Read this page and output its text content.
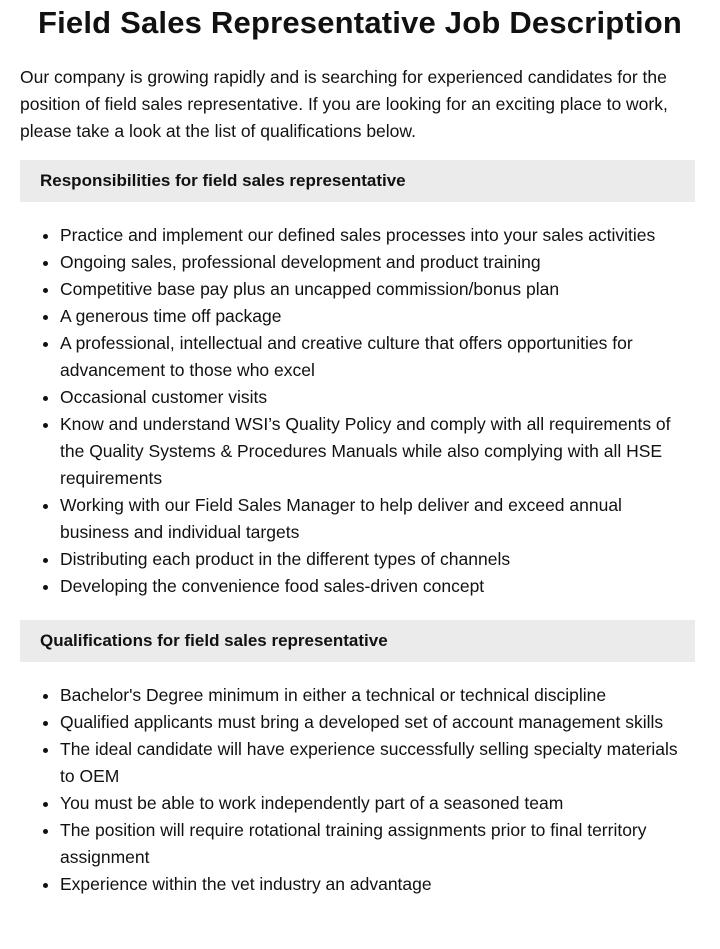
Field Sales Representative Job Description

Our company is growing rapidly and is searching for experienced candidates for the position of field sales representative. If you are looking for an exciting place to work, please take a look at the list of qualifications below.

Responsibilities for field sales representative
• Practice and implement our defined sales processes into your sales activities
• Ongoing sales, professional development and product training
• Competitive base pay plus an uncapped commission/bonus plan
• A generous time off package
• A professional, intellectual and creative culture that offers opportunities for advancement to those who excel
• Occasional customer visits
• Know and understand WSI’s Quality Policy and comply with all requirements of the Quality Systems & Procedures Manuals while also complying with all HSE requirements
• Working with our Field Sales Manager to help deliver and exceed annual business and individual targets
• Distributing each product in the different types of channels
• Developing the convenience food sales-driven concept
Qualifications for field sales representative
• Bachelor's Degree minimum in either a technical or technical discipline
• Qualified applicants must bring a developed set of account management skills
• The ideal candidate will have experience successfully selling specialty materials to OEM
• You must be able to work independently part of a seasoned team
• The position will require rotational training assignments prior to final territory assignment
• Experience within the vet industry an advantage
